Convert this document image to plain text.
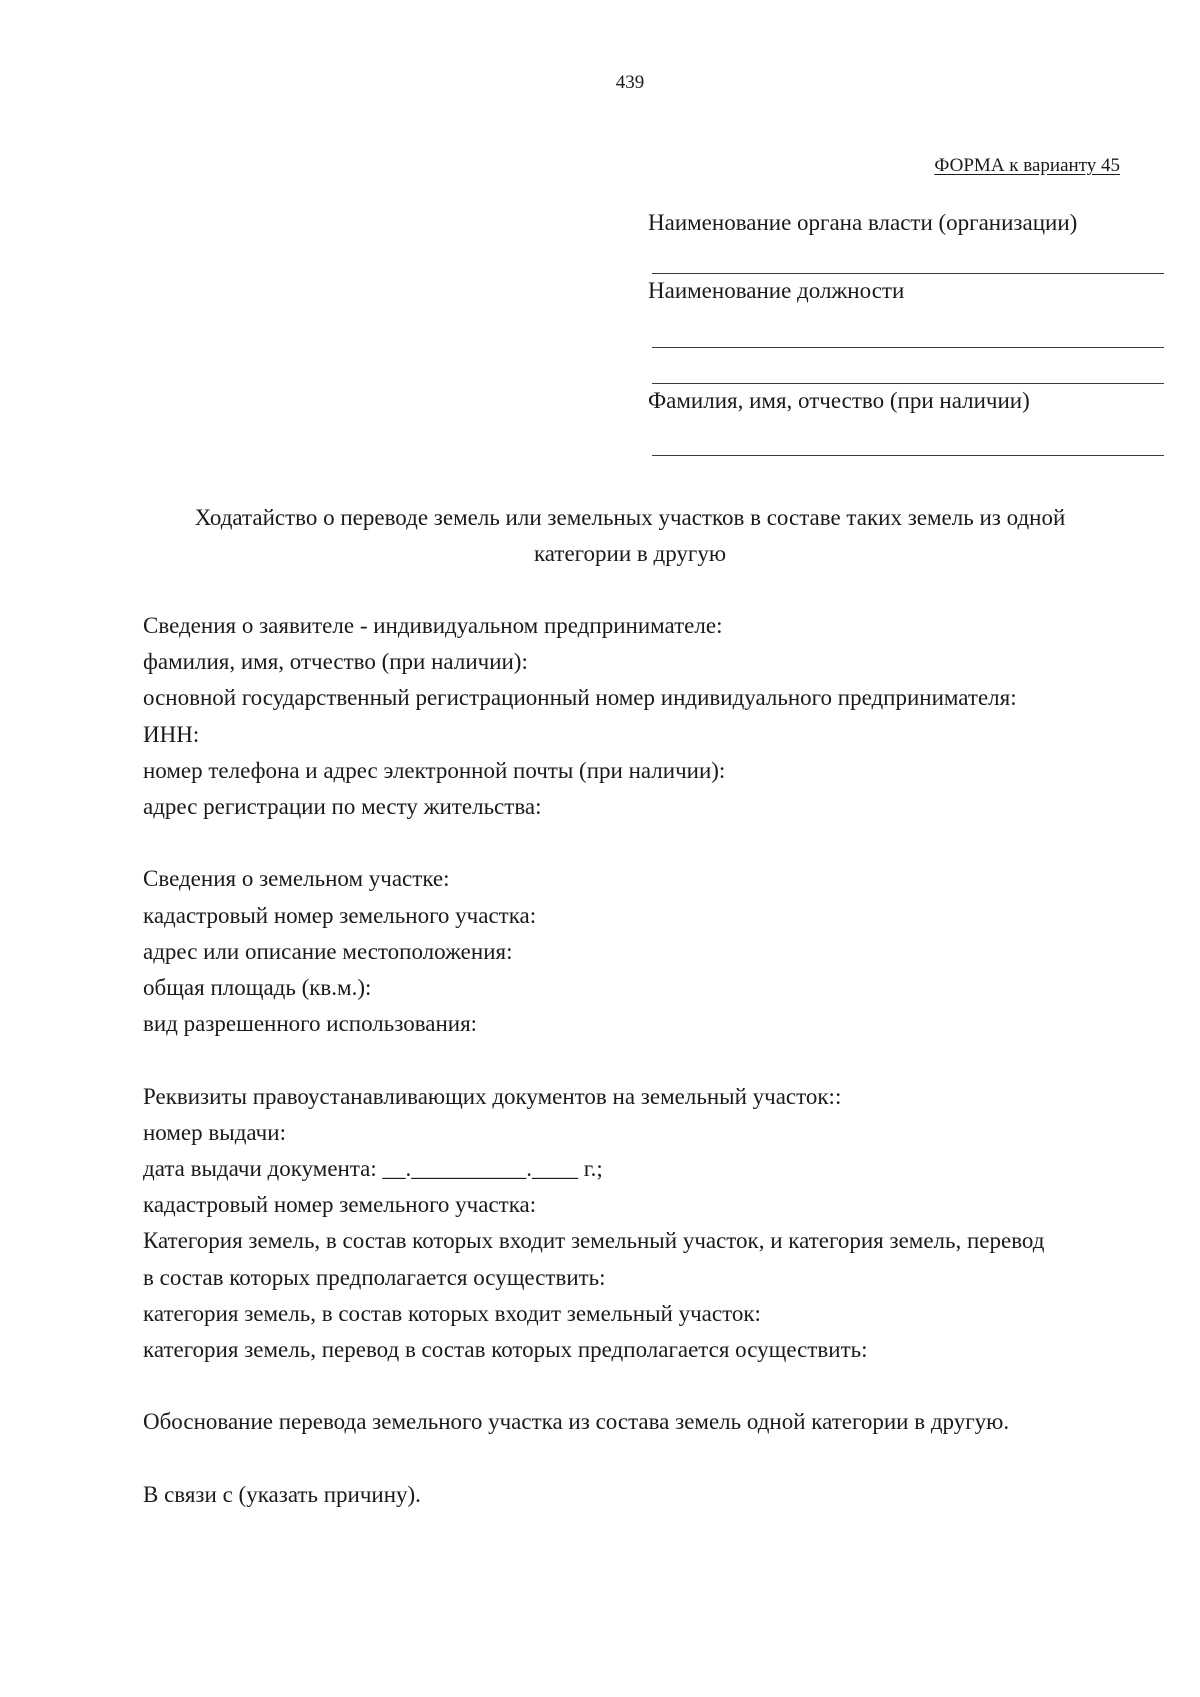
439
ФОРМА к варианту 45
Наименование органа власти (организации)
Наименование должности
Фамилия, имя, отчество (при наличии)
Ходатайство о переводе земель или земельных участков в составе таких земель из одной
категории в другую
Сведения о заявителе - индивидуальном предпринимателе:
фамилия, имя, отчество (при наличии):
основной государственный регистрационный номер индивидуального предпринимателя:
ИНН:
номер телефона и адрес электронной почты (при наличии):
адрес регистрации по месту жительства:
Сведения о земельном участке:
кадастровый номер земельного участка:
адрес или описание местоположения:
общая площадь (кв.м.):
вид разрешенного использования:
Реквизиты правоустанавливающих документов на земельный участок::
номер выдачи:
дата выдачи документа: __.__________.____ г.;
кадастровый номер земельного участка:
Категория земель, в состав которых входит земельный участок, и категория земель, перевод
в состав которых предполагается осуществить:
категория земель, в состав которых входит земельный участок:
категория земель, перевод в состав которых предполагается осуществить:
Обоснование перевода земельного участка из состава земель одной категории в другую.
В связи с (указать причину).
